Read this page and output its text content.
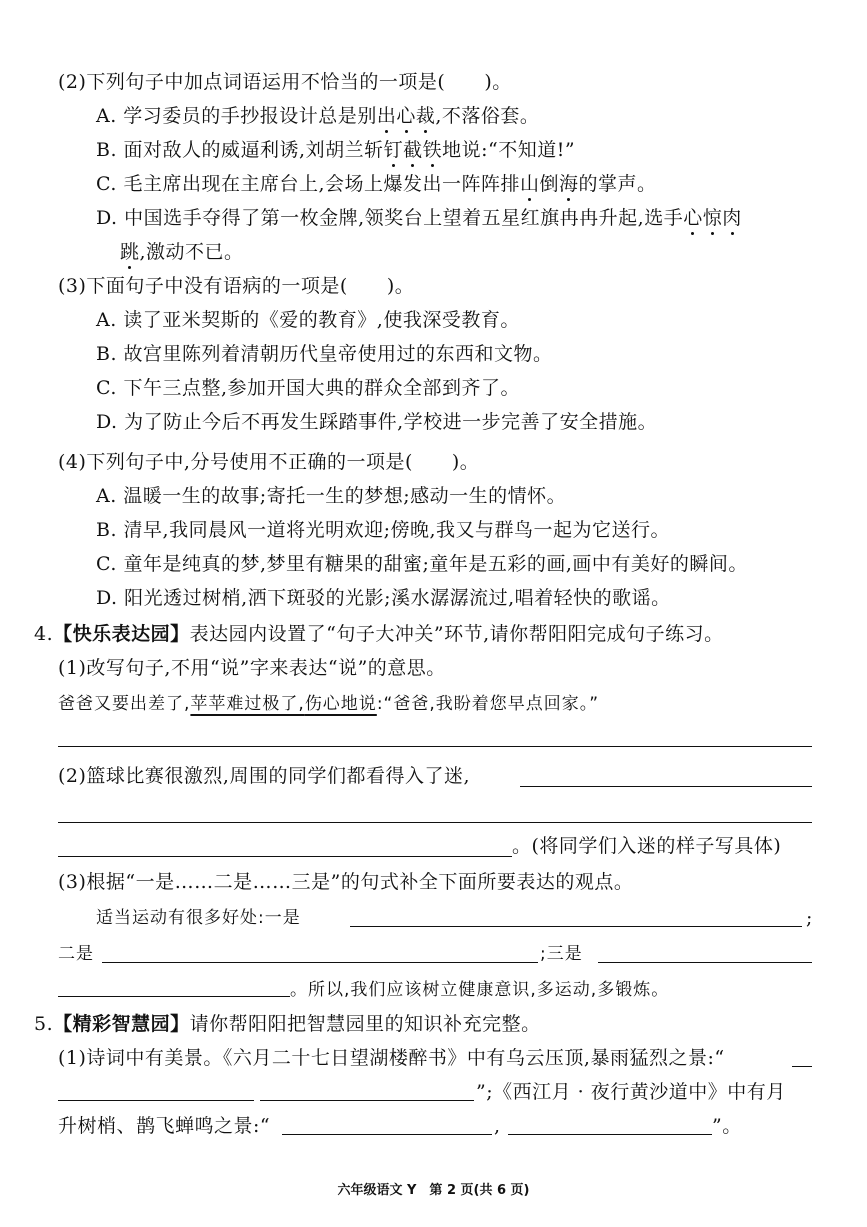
(2)下列句子中加点词语运用不恰当的一项是(　　)。
A. 学习委员的手抄报设计总是别出心裁,不落俗套。
B. 面对敌人的威逼利诱,刘胡兰斩钉截铁地说:“不知道!”
C. 毛主席出现在主席台上,会场上爆发出一阵阵排山倒海的掌声。
D. 中国选手夺得了第一枚金牌,领奖台上望着五星红旗冉冉升起,选手心惊肉
跳,激动不已。
(3)下面句子中没有语病的一项是(　　)。
A. 读了亚米契斯的《爱的教育》,使我深受教育。
B. 故宫里陈列着清朝历代皇帝使用过的东西和文物。
C. 下午三点整,参加开国大典的群众全部到齐了。
D. 为了防止今后不再发生踩踏事件,学校进一步完善了安全措施。
(4)下列句子中,分号使用不正确的一项是(　　)。
A. 温暖一生的故事;寄托一生的梦想;感动一生的情怀。
B. 清早,我同晨风一道将光明欢迎;傍晚,我又与群鸟一起为它送行。
C. 童年是纯真的梦,梦里有糖果的甜蜜;童年是五彩的画,画中有美好的瞬间。
D. 阳光透过树梢,洒下斑驳的光影;溪水潺潺流过,唱着轻快的歌谣。
4.【快乐表达园】表达园内设置了“句子大冲关”环节,请你帮阳阳完成句子练习。
(1)改写句子,不用“说”字来表达“说”的意思。
爸爸又要出差了,苹苹难过极了,伤心地说:“爸爸,我盼着您早点回家。”
(2)篮球比赛很激烈,周围的同学们都看得入了迷,
。(将同学们入迷的样子写具体)
(3)根据“一是……二是……三是”的句式补全下面所要表达的观点。
适当运动有很多好处:一是	;
二是	;三是
。所以,我们应该树立健康意识,多运动,多锻炼。
5.【精彩智慧园】请你帮阳阳把智慧园里的知识补充完整。
(1)诗词中有美景。《六月二十七日望湖楼醉书》中有乌云压顶,暴雨猛烈之景:“
”;《西江月 · 夜行黄沙道中》中有月
升树梢、鹊飞蝉鸣之景:“	,	”。
六年级语文 Y　第 2 页(共 6 页)
